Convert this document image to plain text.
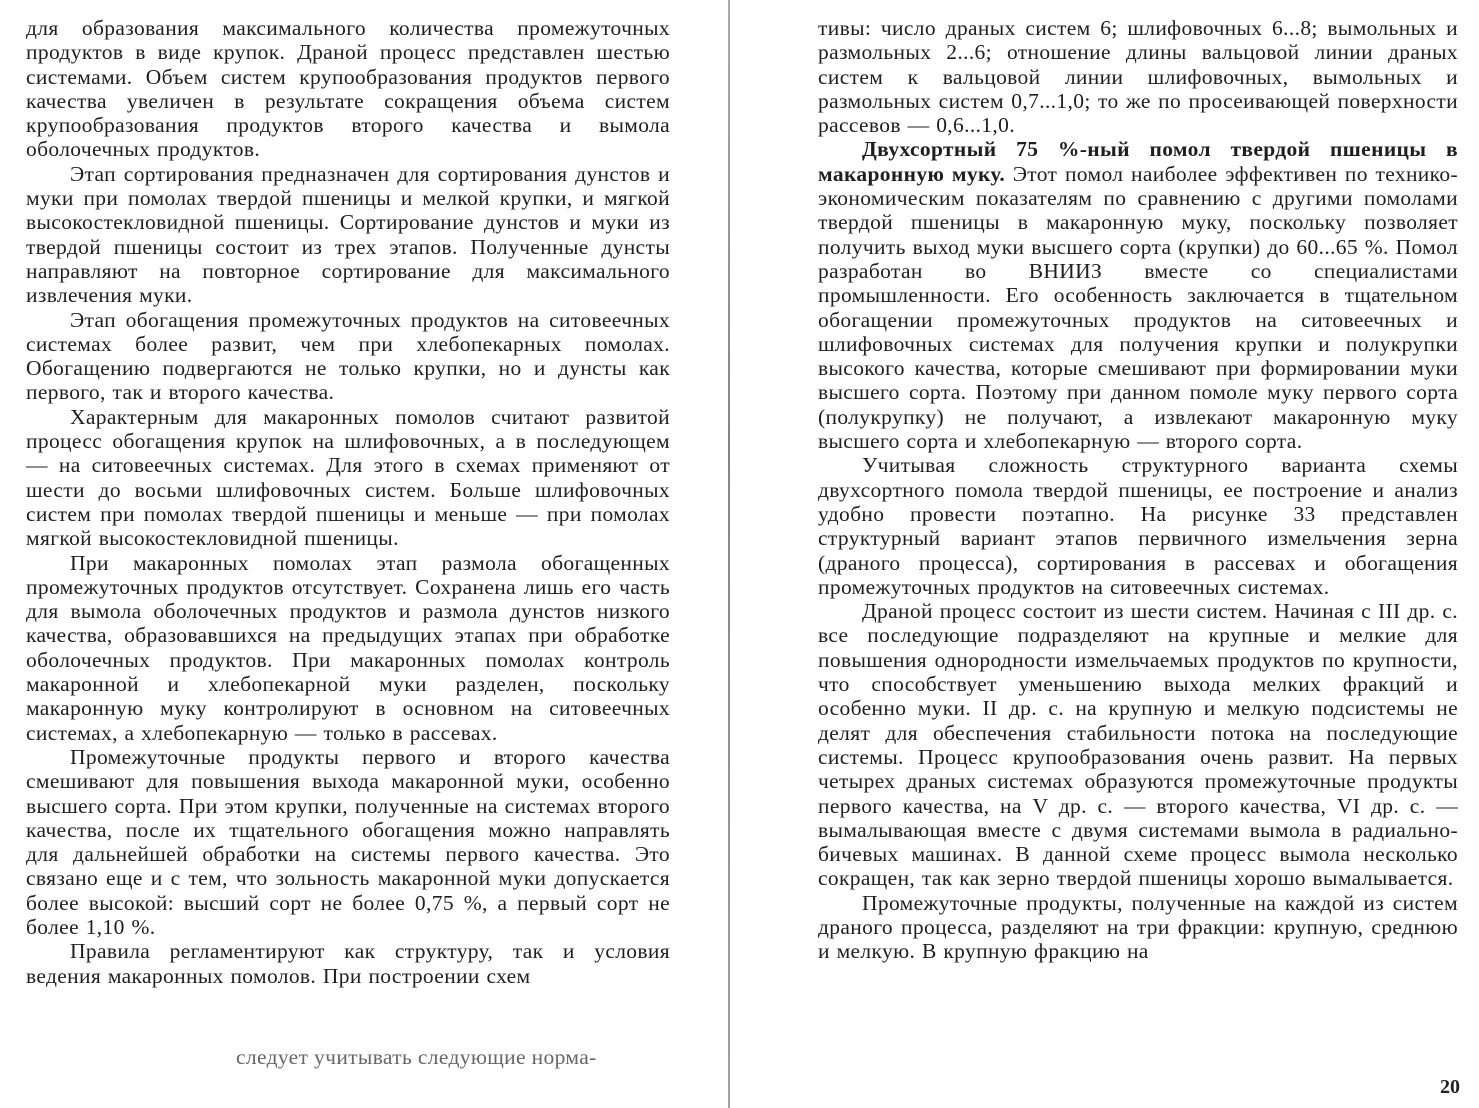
для образования максимального количества промежуточных продуктов в виде крупок. Драной процесс представлен шестью системами. Объем систем крупообразования продуктов первого качества увеличен в результате сокращения объема систем крупообразования продуктов второго качества и вымола оболочечных продуктов.

Этап сортирования предназначен для сортирования дунстов и муки при помолах твердой пшеницы и мелкой крупки, и мягкой высокостекловидной пшеницы. Сортирование дунстов и муки из твердой пшеницы состоит из трех этапов. Полученные дунсты направляют на повторное сортирование для максимального извлечения муки.

Этап обогащения промежуточных продуктов на ситовеечных системах более развит, чем при хлебопекарных помолах. Обогащению подвергаются не только крупки, но и дунсты как первого, так и второго качества.

Характерным для макаронных помолов считают развитой процесс обогащения крупок на шлифовочных, а в последующем — на ситовеечных системах. Для этого в схемах применяют от шести до восьми шлифовочных систем. Больше шлифовочных систем при помолах твердой пшеницы и меньше — при помолах мягкой высокостекловидной пшеницы.

При макаронных помолах этап размола обогащенных промежуточных продуктов отсутствует. Сохранена лишь его часть для вымола оболочечных продуктов и размола дунстов низкого качества, образовавшихся на предыдущих этапах при обработке оболочечных продуктов. При макаронных помолах контроль макаронной и хлебопекарной муки разделен, поскольку макаронную муку контролируют в основном на ситовеечных системах, а хлебопекарную — только в рассевах.

Промежуточные продукты первого и второго качества смешивают для повышения выхода макаронной муки, особенно высшего сорта. При этом крупки, полученные на системах второго качества, после их тщательного обогащения можно направлять для дальнейшей обработки на системы первого качества. Это связано еще и с тем, что зольность макаронной муки допускается более высокой: высший сорт не более 0,75 %, а первый сорт не более 1,10 %.

Правила регламентируют как структуру, так и условия ведения макаронных помолов. При построении схем

следует учитывать следующие норма-

тивы: число драных систем 6; шлифовочных 6...8; вымольных и размольных 2...6; отношение длины вальцовой линии драных систем к вальцовой линии шлифовочных, вымольных и размольных систем 0,7...1,0; то же по просеивающей поверхности рассевов — 0,6...1,0.

Двухсортный 75 %-ный помол твердой пшеницы в макаронную муку. Этот помол наиболее эффективен по технико-экономическим показателям по сравнению с другими помолами твердой пшеницы в макаронную муку, поскольку позволяет получить выход муки высшего сорта (крупки) до 60...65 %. Помол разработан во ВНИИЗ вместе со специалистами промышленности. Его особенность заключается в тщательном обогащении промежуточных продуктов на ситовеечных и шлифовочных системах для получения крупки и полукрупки высокого качества, которые смешивают при формировании муки высшего сорта. Поэтому при данном помоле муку первого сорта (полукрупку) не получают, а извлекают макаронную муку высшего сорта и хлебопекарную — второго сорта.

Учитывая сложность структурного варианта схемы двухсортного помола твердой пшеницы, ее построение и анализ удобно провести поэтапно. На рисунке 33 представлен структурный вариант этапов первичного измельчения зерна (драного процесса), сортирования в рассевах и обогащения промежуточных продуктов на ситовеечных системах.

Драной процесс состоит из шести систем. Начиная с III др. с. все последующие подразделяют на крупные и мелкие для повышения однородности измельчаемых продуктов по крупности, что способствует уменьшению выхода мелких фракций и особенно муки. II др. с. на крупную и мелкую подсистемы не делят для обеспечения стабильности потока на последующие системы. Процесс крупообразования очень развит. На первых четырех драных системах образуются промежуточные продукты первого качества, на V др. с. — второго качества, VI др. с. — вымалывающая вместе с двумя системами вымола в радиально-бичевых машинах. В данной схеме процесс вымола несколько сокращен, так как зерно твердой пшеницы хорошо вымалывается.

Промежуточные продукты, полученные на каждой из систем драного процесса, разделяют на три фракции: крупную, среднюю и мелкую. В крупную фракцию на

20
